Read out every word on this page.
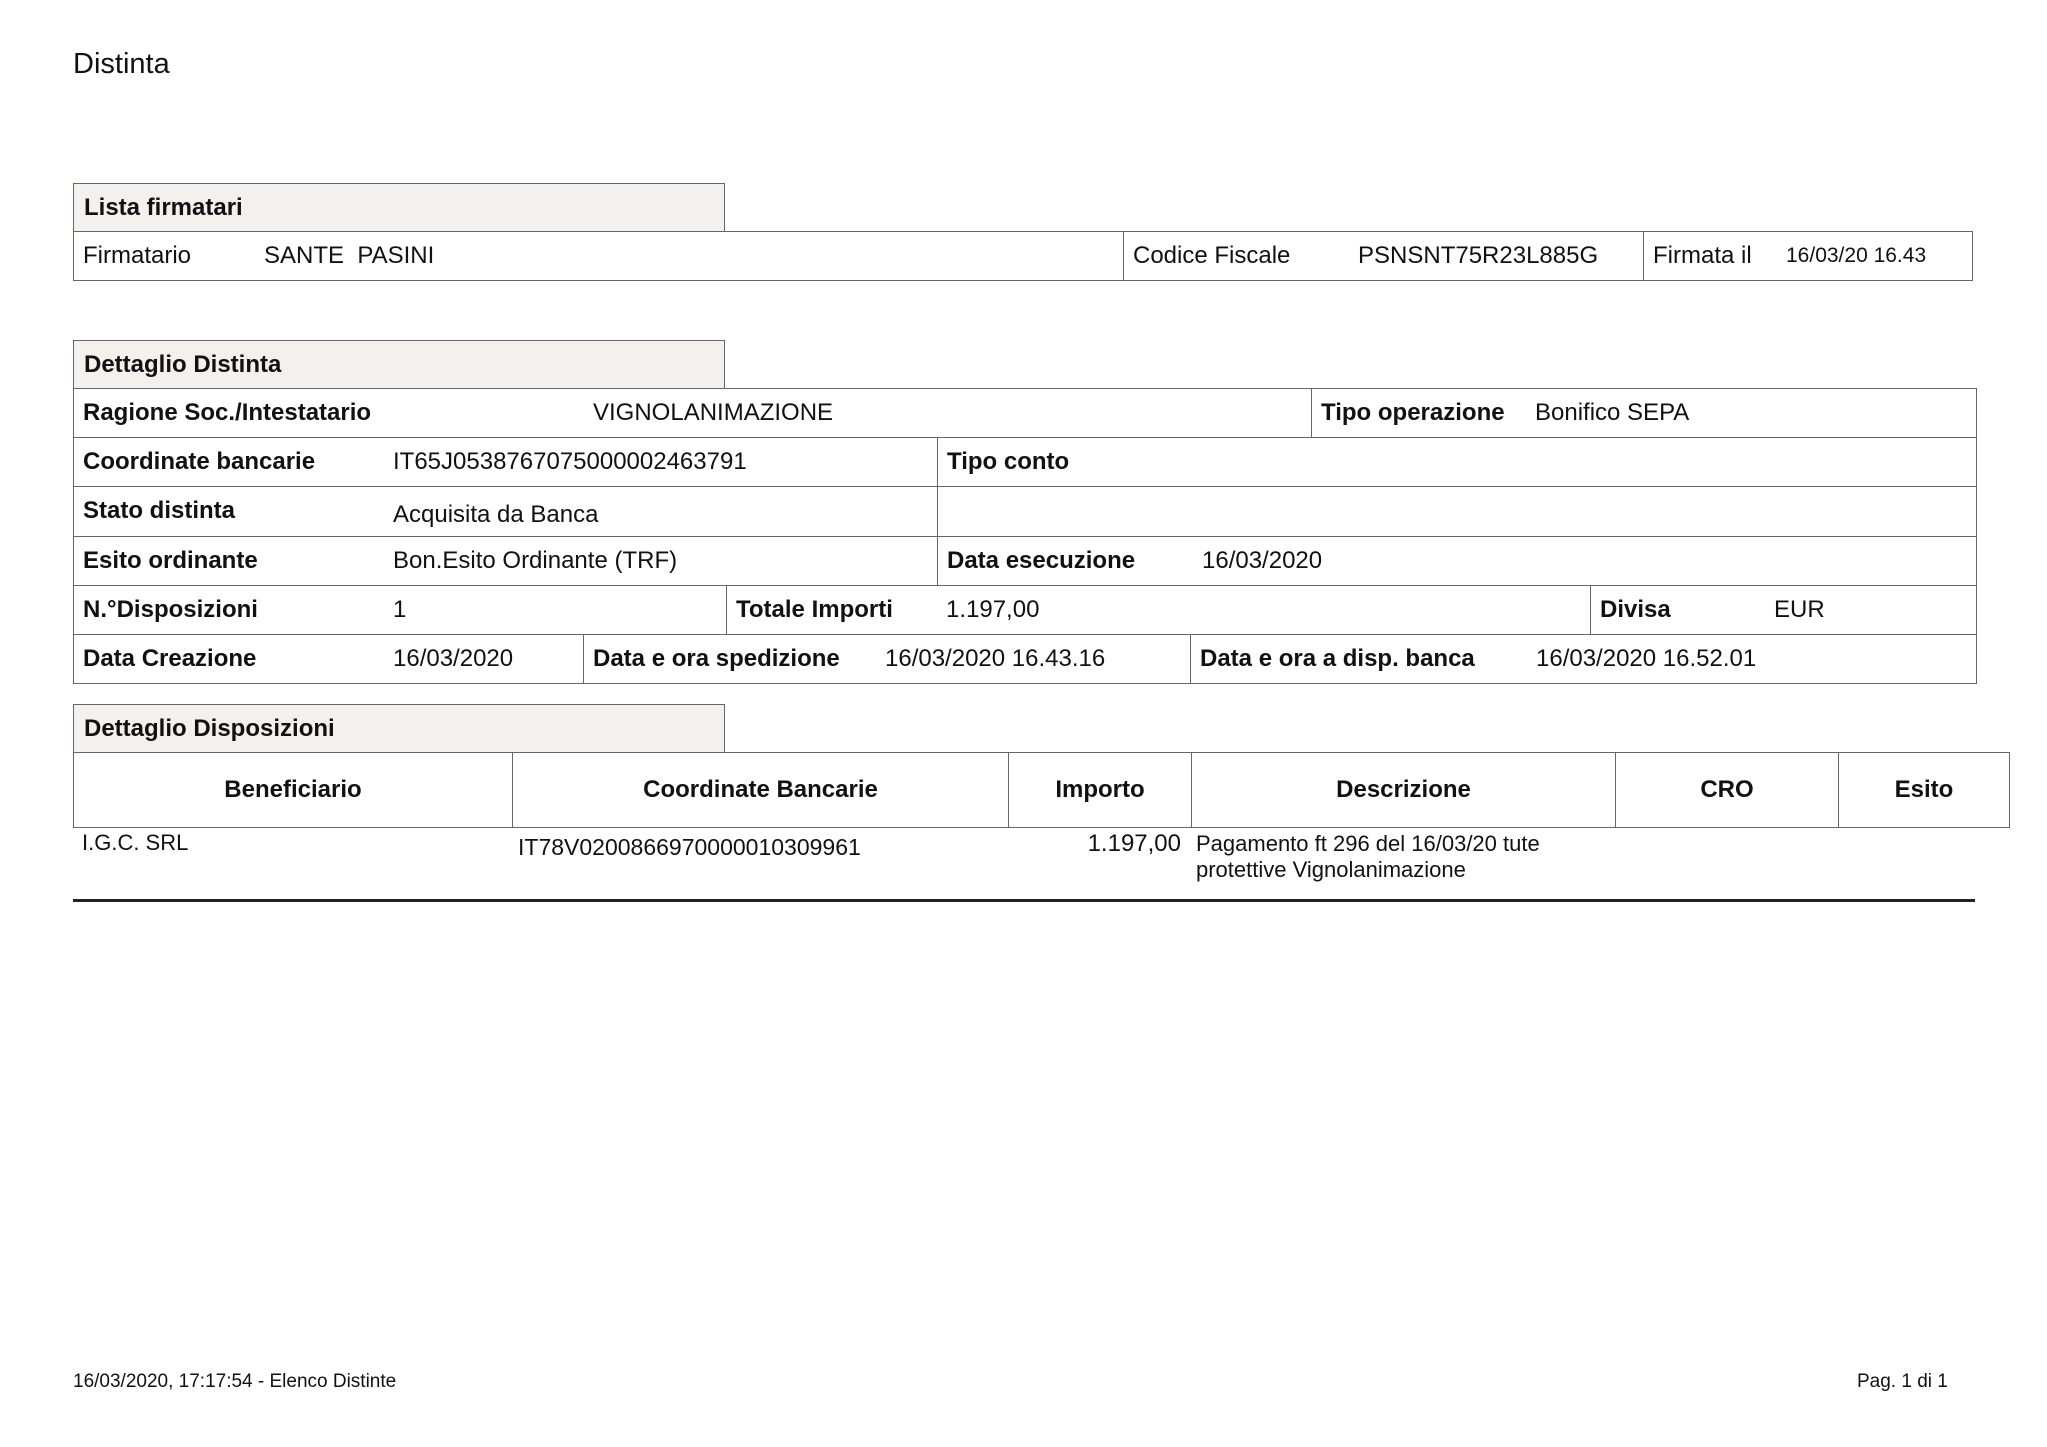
Distinta
Lista firmatari
Firmatario	SANTE  PASINI	Codice Fiscale	PSNSNT75R23L885G Firmata il 16/03/20 16.43
Dettaglio Distinta
Ragione Soc./Intestatario	VIGNOLANIMAZIONE	Tipo operazione Bonifico SEPA
Coordinate bancarie	IT65J0538767075000002463791	Tipo conto
Stato distinta	Acquisita da Banca
Esito ordinante	Bon.Esito Ordinante (TRF)	Data esecuzione	16/03/2020
N.°Disposizioni	1	Totale Importi 1.197,00	Divisa	EUR
Data Creazione	16/03/2020	Data e ora spedizione 16/03/2020 16.43.16	Data e ora a disp. banca	16/03/2020 16.52.01
Dettaglio Disposizioni
Beneficiario	Coordinate Bancarie	Importo	Descrizione	CRO	Esito
I.G.C. SRL	IT78V0200866970000010309961	1.197,00 Pagamento ft 296 del 16/03/20 tute
protettive Vignolanimazione
16/03/2020, 17:17:54 - Elenco Distinte	Pag. 1 di 1
